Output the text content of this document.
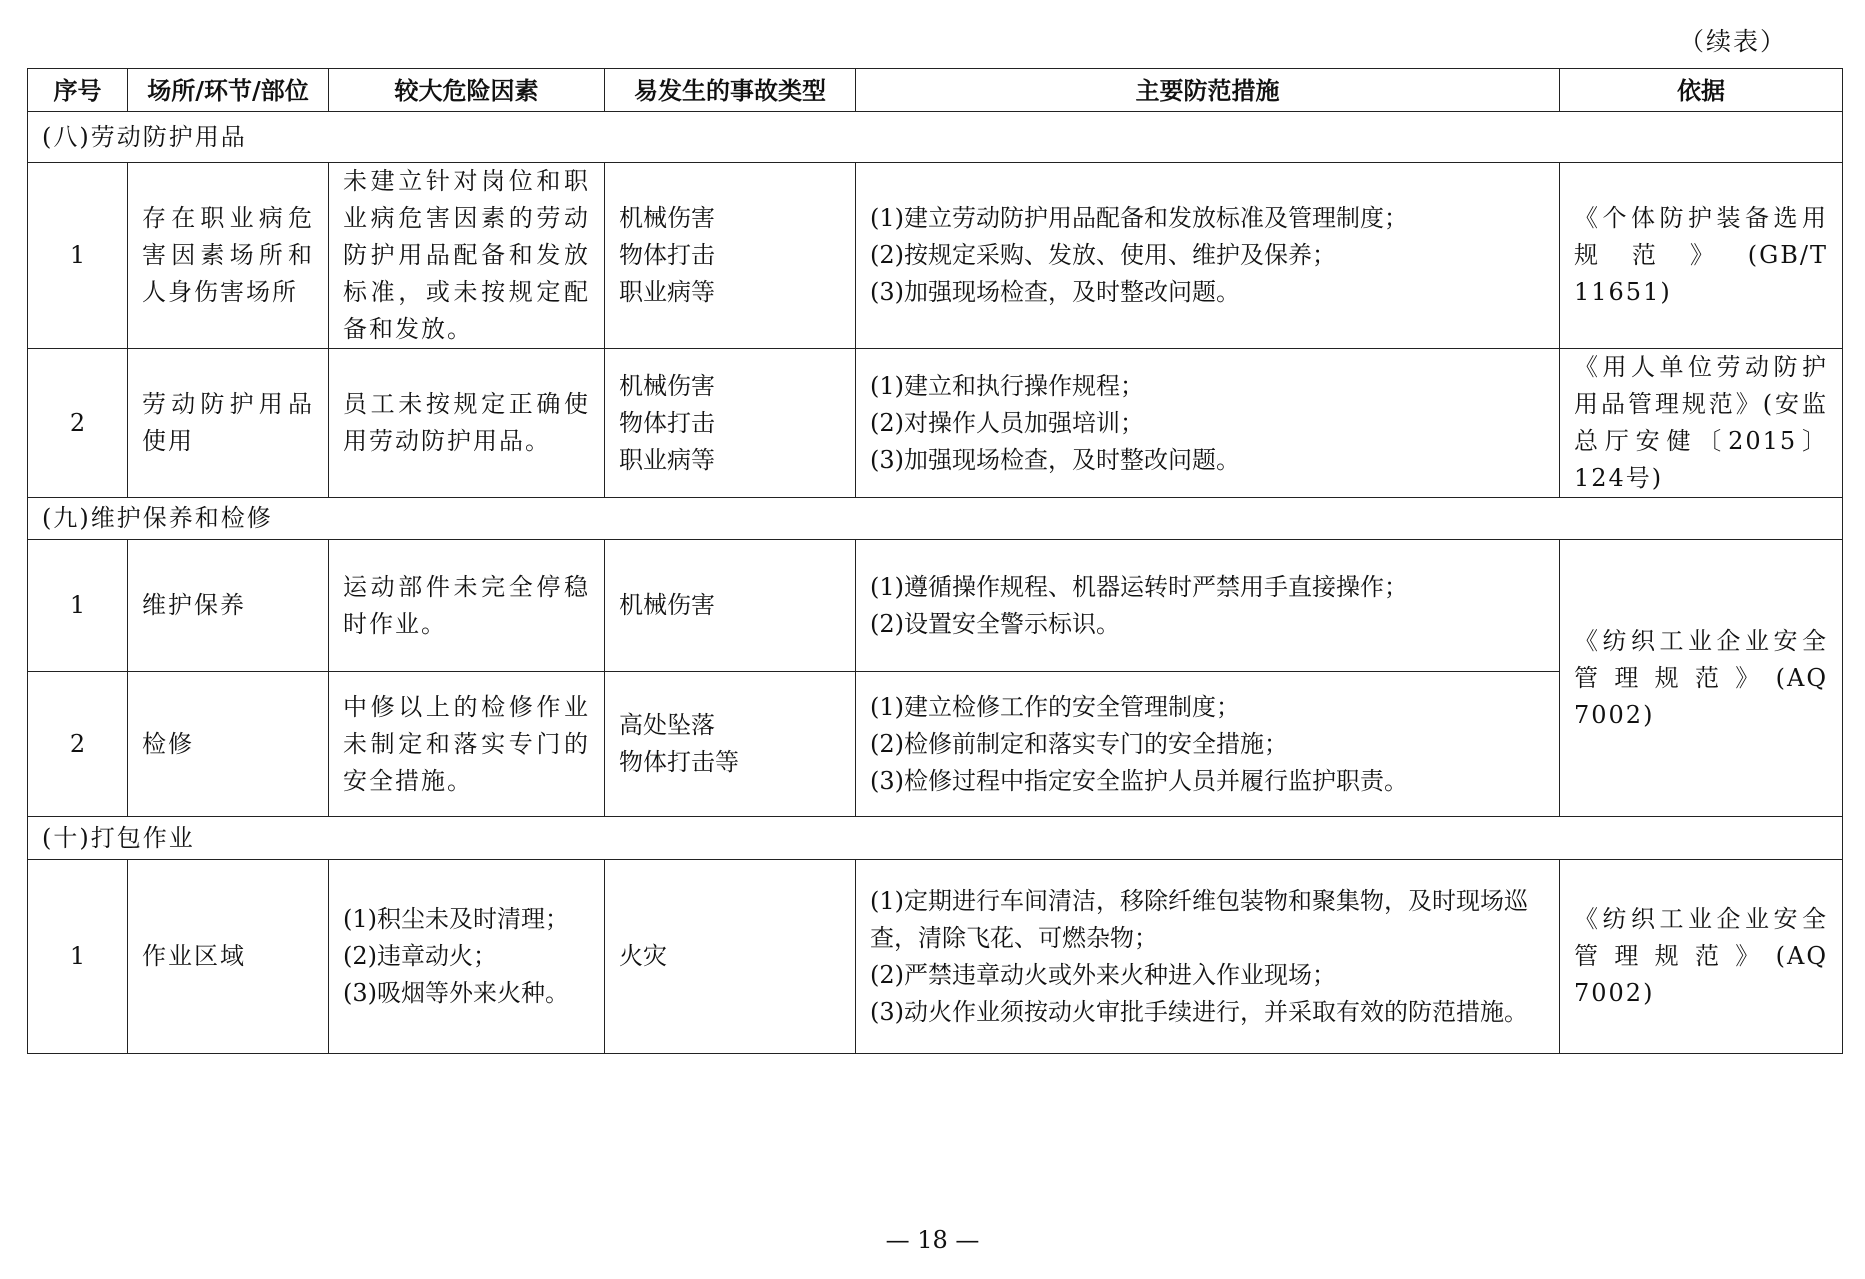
（续表）
序号	场所/环节/部位	较大危险因素	易发生的事故类型	主要防范措施	依据
(八)劳动防护用品					
1	存在职业病危害因素场所和人身伤害场所	未建立针对岗位和职业病危害因素的劳动防护用品配备和发放标准，或未按规定配备和发放。	机械伤害
物体打击
职业病等	(1)建立劳动防护用品配备和发放标准及管理制度；
(2)按规定采购、发放、使用、维护及保养；
(3)加强现场检查，及时整改问题。	《个体防护装备选用规范》(GB/T 11651)
2	劳动防护用品使用	员工未按规定正确使用劳动防护用品。	机械伤害
物体打击
职业病等	(1)建立和执行操作规程；
(2)对操作人员加强培训；
(3)加强现场检查，及时整改问题。	《用人单位劳动防护用品管理规范》(安监总厅安健〔2015〕124号)
(九)维护保养和检修					
1	维护保养	运动部件未完全停稳时作业。	机械伤害	(1)遵循操作规程、机器运转时严禁用手直接操作；
(2)设置安全警示标识。	《纺织工业企业安全管理规范》(AQ 7002)
2	检修	中修以上的检修作业未制定和落实专门的安全措施。	高处坠落
物体打击等	(1)建立检修工作的安全管理制度；
(2)检修前制定和落实专门的安全措施；
(3)检修过程中指定安全监护人员并履行监护职责。	
(十)打包作业					
1	作业区域	(1)积尘未及时清理；
(2)违章动火；
(3)吸烟等外来火种。	火灾	(1)定期进行车间清洁，移除纤维包装物和聚集物，及时现场巡查，清除飞花、可燃杂物；
(2)严禁违章动火或外来火种进入作业现场；
(3)动火作业须按动火审批手续进行，并采取有效的防范措施。	《纺织工业企业安全管理规范》(AQ 7002)
— 18 —
